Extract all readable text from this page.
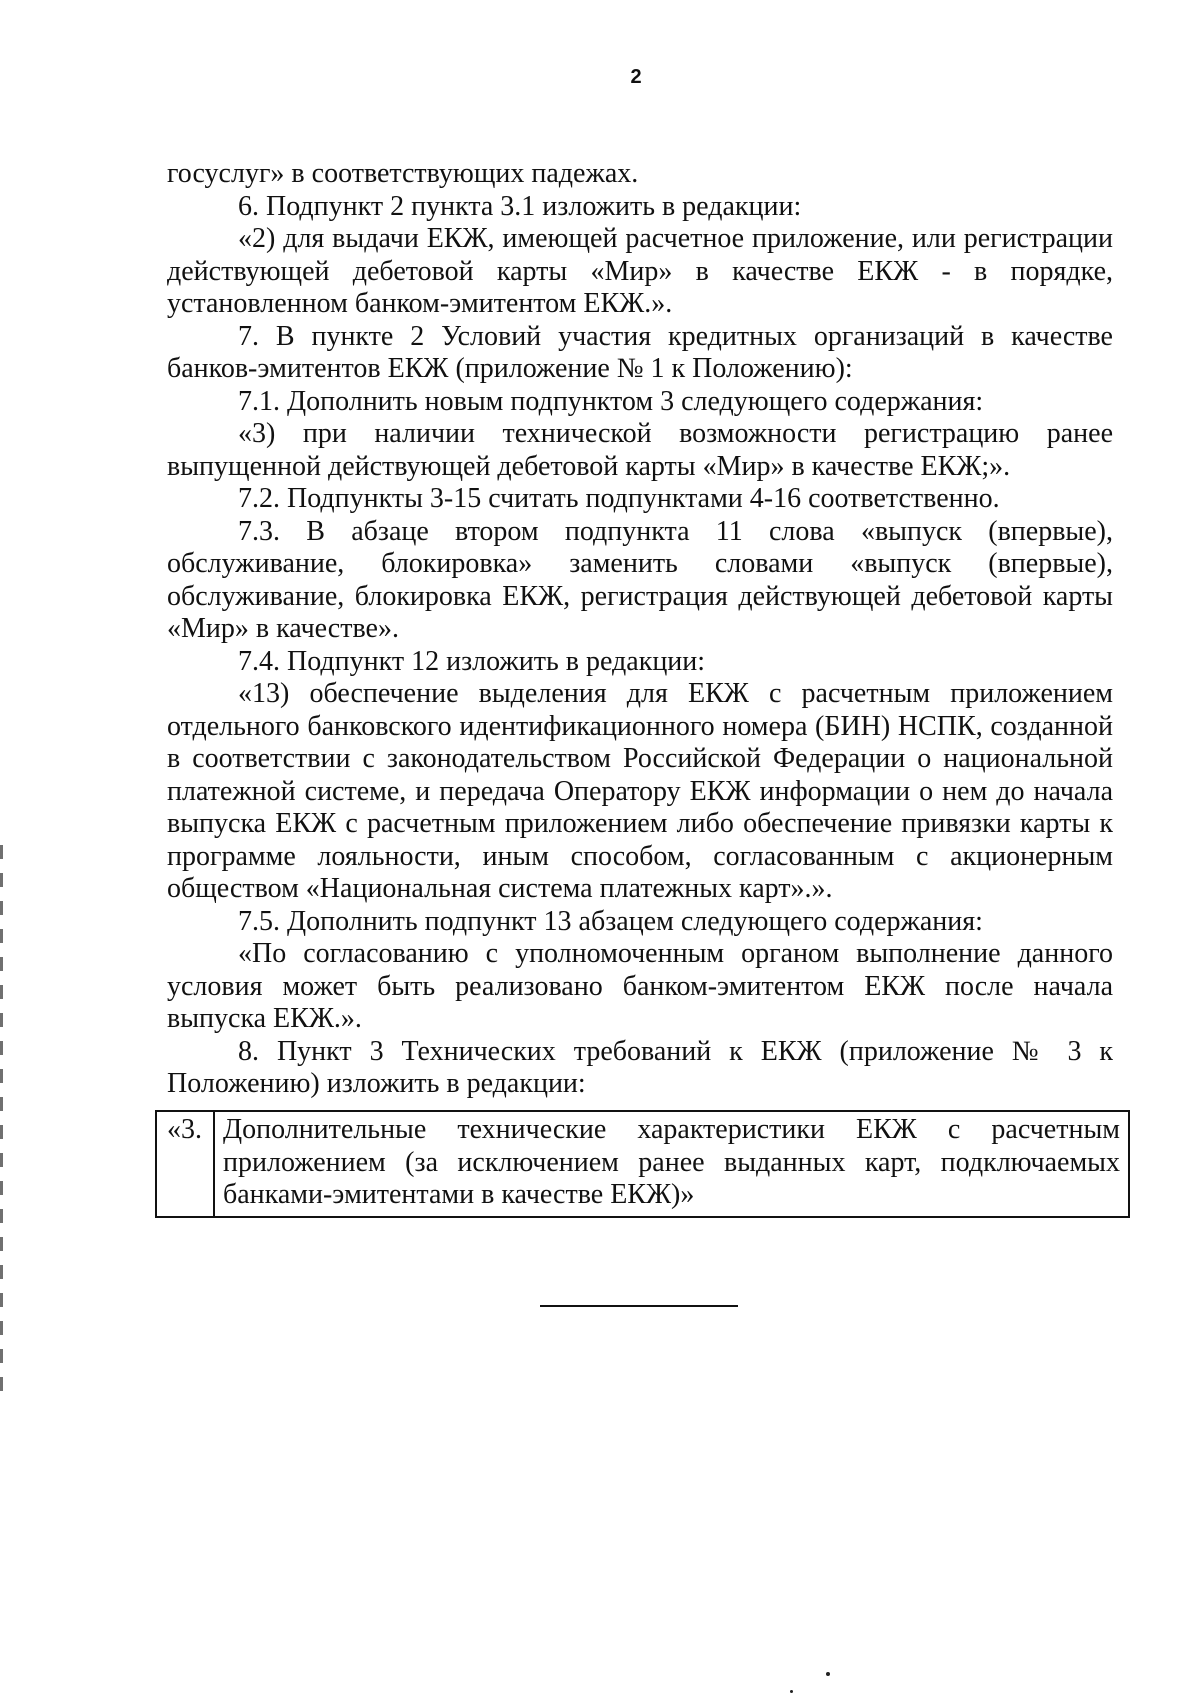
2

госуслуг» в соответствующих падежах.

6. Подпункт 2 пункта 3.1 изложить в редакции:

«2) для выдачи ЕКЖ, имеющей расчетное приложение, или регистрации действующей дебетовой карты «Мир» в качестве ЕКЖ - в порядке, установленном банком-эмитентом ЕКЖ.».

7. В пункте 2 Условий участия кредитных организаций в качестве банков-эмитентов ЕКЖ (приложение № 1 к Положению):

7.1. Дополнить новым подпунктом 3 следующего содержания:

«3) при наличии технической возможности регистрацию ранее выпущенной действующей дебетовой карты «Мир» в качестве ЕКЖ;».

7.2. Подпункты 3-15 считать подпунктами 4-16 соответственно.

7.3. В абзаце втором подпункта 11 слова «выпуск (впервые), обслуживание, блокировка» заменить словами «выпуск (впервые), обслуживание, блокировка ЕКЖ, регистрация действующей дебетовой карты «Мир» в качестве».

7.4. Подпункт 12 изложить в редакции:

«13) обеспечение выделения для ЕКЖ с расчетным приложением отдельного банковского идентификационного номера (БИН) НСПК, созданной в соответствии с законодательством Российской Федерации о национальной платежной системе, и передача Оператору ЕКЖ информации о нем до начала выпуска ЕКЖ с расчетным приложением либо обеспечение привязки карты к программе лояльности, иным способом, согласованным с акционерным обществом «Национальная система платежных карт».».

7.5. Дополнить подпункт 13 абзацем следующего содержания:

«По согласованию с уполномоченным органом выполнение данного условия может быть реализовано банком-эмитентом ЕКЖ после начала выпуска ЕКЖ.».

8. Пункт 3 Технических требований к ЕКЖ (приложение № 3 к Положению) изложить в редакции:

«3.	Дополнительные технические характеристики ЕКЖ с расчетным приложением (за исключением ранее выданных карт, подключаемых банками-эмитентами в качестве ЕКЖ)»
